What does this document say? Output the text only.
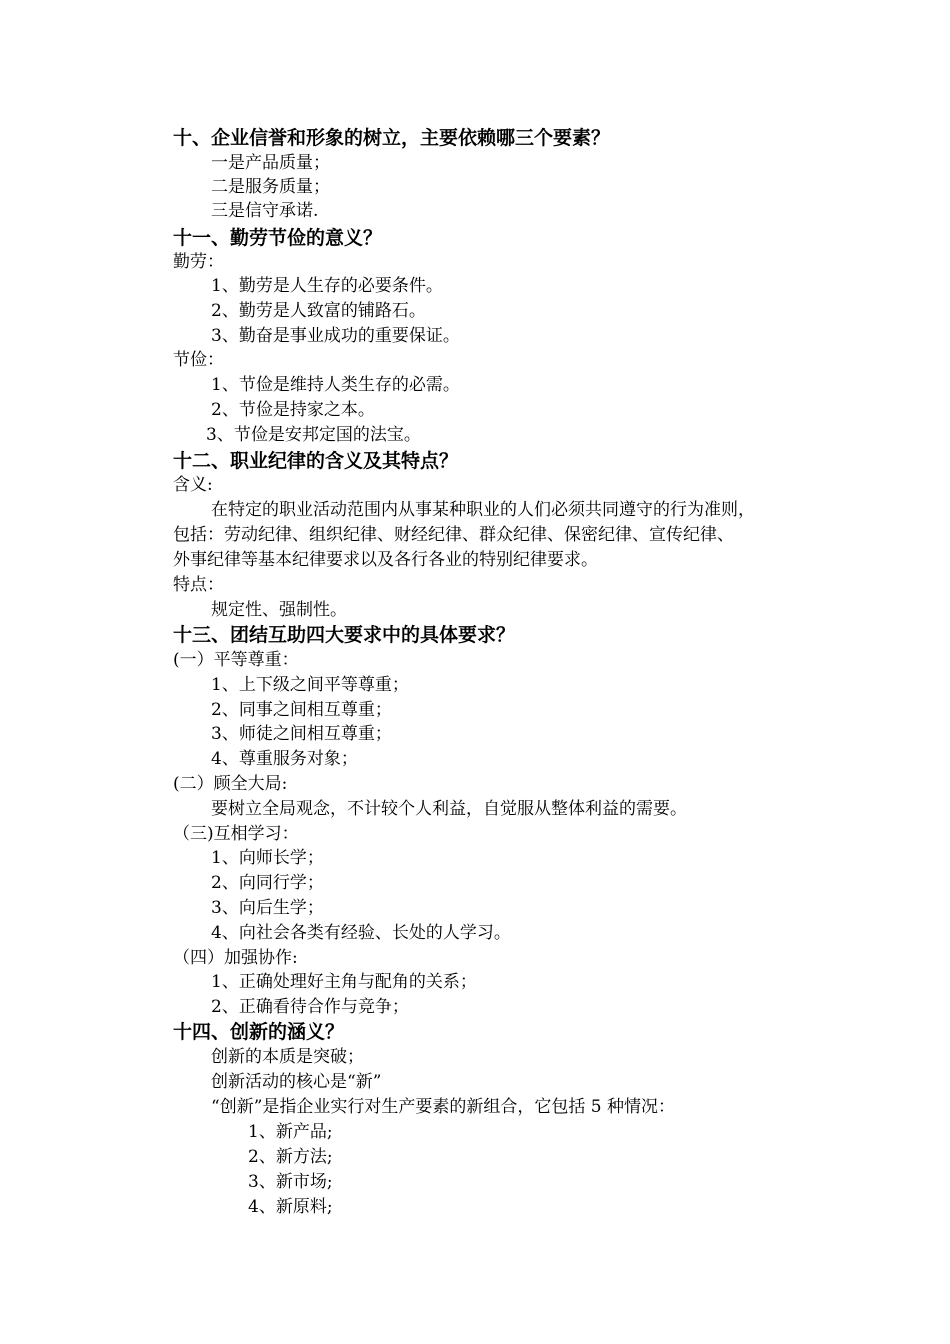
十、企业信誉和形象的树立，主要依赖哪三个要素？
一是产品质量；
二是服务质量；
三是信守承诺.
十一、勤劳节俭的意义？
勤劳：
1、勤劳是人生存的必要条件。
2、勤劳是人致富的铺路石。
3、勤奋是事业成功的重要保证。
节俭：
1、节俭是维持人类生存的必需。
2、节俭是持家之本。
3、节俭是安邦定国的法宝。
十二、职业纪律的含义及其特点？
含义:
在特定的职业活动范围内从事某种职业的人们必须共同遵守的行为准则，
包括：劳动纪律、组织纪律、财经纪律、群众纪律、保密纪律、宣传纪律、
外事纪律等基本纪律要求以及各行各业的特别纪律要求。
特点：
规定性、强制性。
十三、团结互助四大要求中的具体要求？
(一）平等尊重：
1、上下级之间平等尊重；
2、同事之间相互尊重；
3、师徒之间相互尊重；
4、尊重服务对象；
(二）顾全大局:
要树立全局观念，不计较个人利益，自觉服从整体利益的需要。
（三)互相学习：
1、向师长学；
2、向同行学；
3、向后生学；
4、向社会各类有经验、长处的人学习。
（四）加强协作:
1、正确处理好主角与配角的关系；
2、正确看待合作与竞争；
十四、创新的涵义？
创新的本质是突破；
创新活动的核心是“新”
“创新”是指企业实行对生产要素的新组合，它包括 5 种情况：
1、新产品;
2、新方法;
3、新市场;
4、新原料;
